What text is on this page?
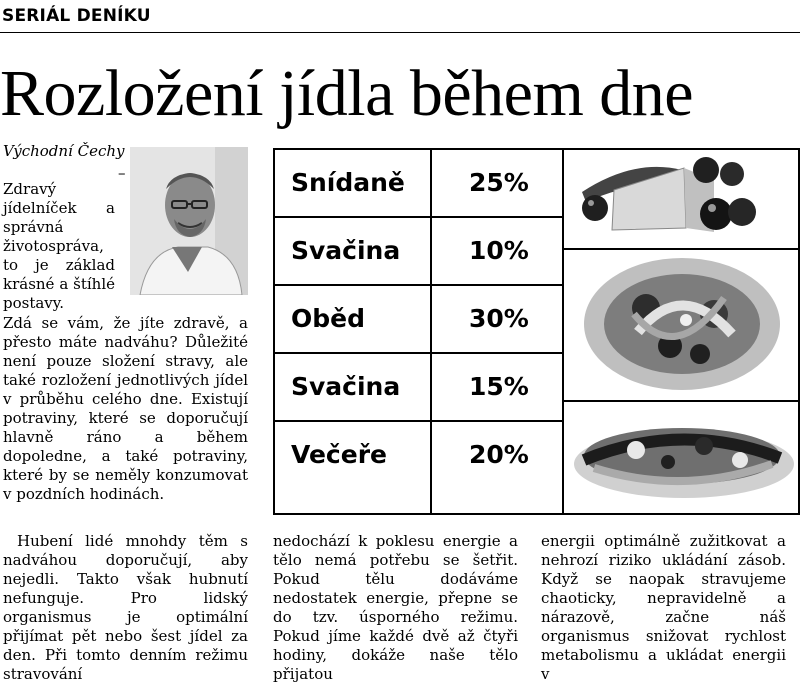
SERIÁL DENÍKU
Rozložení jídla během dne
Východní Čechy
–

Zdravý jídelníček a správná životospráva, to je základ krásné a štíhlé postavy.

Zdá se vám, že jíte zdravě, a přesto máte nadváhu? Důležité není pouze složení stravy, ale také rozložení jednotlivých jídel v průběhu celého dne. Existují potraviny, které se doporučují hlavně ráno a během dopoledne, a také potraviny, které by se neměly konzumovat v pozdních hodinách.

Hubení lidé mnohdy těm s nadváhou doporučují, aby nejedli. Takto však hubnutí nefunguje. Pro lidský organismus je optimální přijímat pět nebo šest jídel za den. Při tomto denním režimu stravování

nedochází k poklesu energie a tělo nemá potřebu se šetřit. Pokud tělu dodáváme nedostatek energie, přepne se do tzv. úsporného režimu. Pokud jíme každé dvě až čtyři hodiny, dokáže naše tělo přijatou

energii optimálně zužitkovat a nehrozí riziko ukládání zásob. Když se naopak stravujeme chaoticky, nepravidelně a nárazově, začne náš organismus snižovat rychlost metabolismu a ukládat energii v

Snídaně	25%
Svačina	10%
Oběd	30%
Svačina	15%
Večeře	20%
